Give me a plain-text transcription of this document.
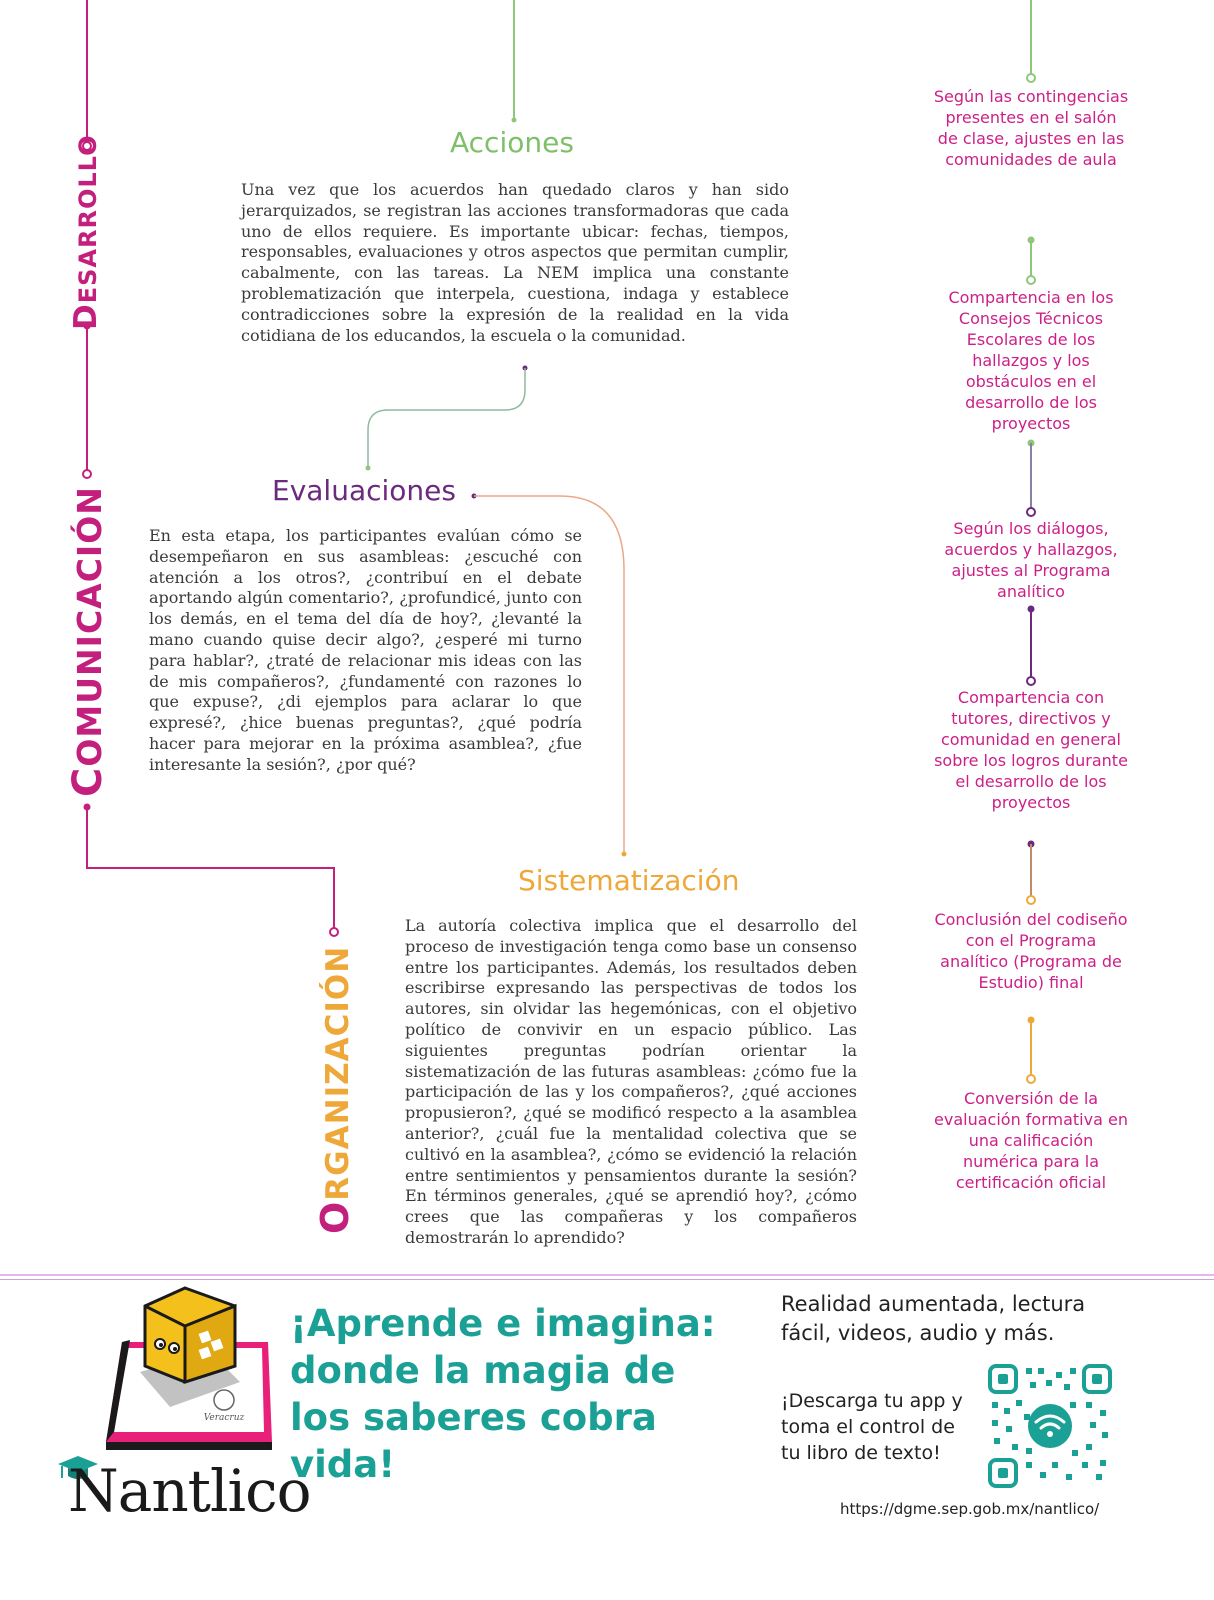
DESARROLLO
COMUNICACIÓN
ORGANIZACIÓN
Acciones

Una vez que los acuerdos han quedado claros y han sido jerarquizados, se registran las acciones transformadoras que cada uno de ellos requiere. Es importante ubicar: fechas, tiempos, responsables, evaluaciones y otros aspectos que permitan cumplir, cabalmente, con las tareas. La NEM implica una constante problematización que interpela, cuestiona, indaga y establece contradicciones sobre la expresión de la realidad en la vida cotidiana de los educandos, la escuela o la comunidad.

Evaluaciones

En esta etapa, los participantes evalúan cómo se desempeñaron en sus asambleas: ¿escuché con atención a los otros?, ¿contribuí en el debate aportando algún comentario?, ¿profundicé, junto con los demás, en el tema del día de hoy?, ¿levanté la mano cuando quise decir algo?, ¿esperé mi turno para hablar?, ¿traté de relacionar mis ideas con las de mis compañeros?, ¿fundamenté con razones lo que expuse?, ¿di ejemplos para aclarar lo que expresé?, ¿hice buenas preguntas?, ¿qué podría hacer para mejorar en la próxima asamblea?, ¿fue interesante la sesión?, ¿por qué?

Sistematización

La autoría colectiva implica que el desarrollo del proceso de investigación tenga como base un consenso entre los participantes. Además, los resultados deben escribirse expresando las perspectivas de todos los autores, sin olvidar las hegemónicas, con el objetivo político de convivir en un espacio público. Las siguientes preguntas podrían orientar la sistematización de las futuras asambleas: ¿cómo fue la participación de las y los compañeros?, ¿qué acciones propusieron?, ¿qué se modificó respecto a la asamblea anterior?, ¿cuál fue la mentalidad colectiva que se cultivó en la asamblea?, ¿cómo se evidenció la relación entre sentimientos y pensamientos durante la sesión? En términos generales, ¿qué se aprendió hoy?, ¿cómo crees que las compañeras y los compañeros demostrarán lo aprendido?

Según las contingencias presentes en el salón de clase, ajustes en las comunidades de aula

Compartencia en los Consejos Técnicos Escolares de los hallazgos y los obstáculos en el desarrollo de los proyectos

Según los diálogos, acuerdos y hallazgos, ajustes al Programa analítico

Compartencia con tutores, directivos y comunidad en general sobre los logros durante el desarrollo de los proyectos

Conclusión del codiseño con el Programa analítico (Programa de Estudio) final

Conversión de la evaluación formativa en una calificación numérica para la certificación oficial

Veracruz
Nantlico

¡Aprende e imagina:
donde la magia de
los saberes cobra vida!

Realidad aumentada, lectura
fácil, videos, audio y más.

¡Descarga tu app y
toma el control de
tu libro de texto!

https://dgme.sep.gob.mx/nantlico/
